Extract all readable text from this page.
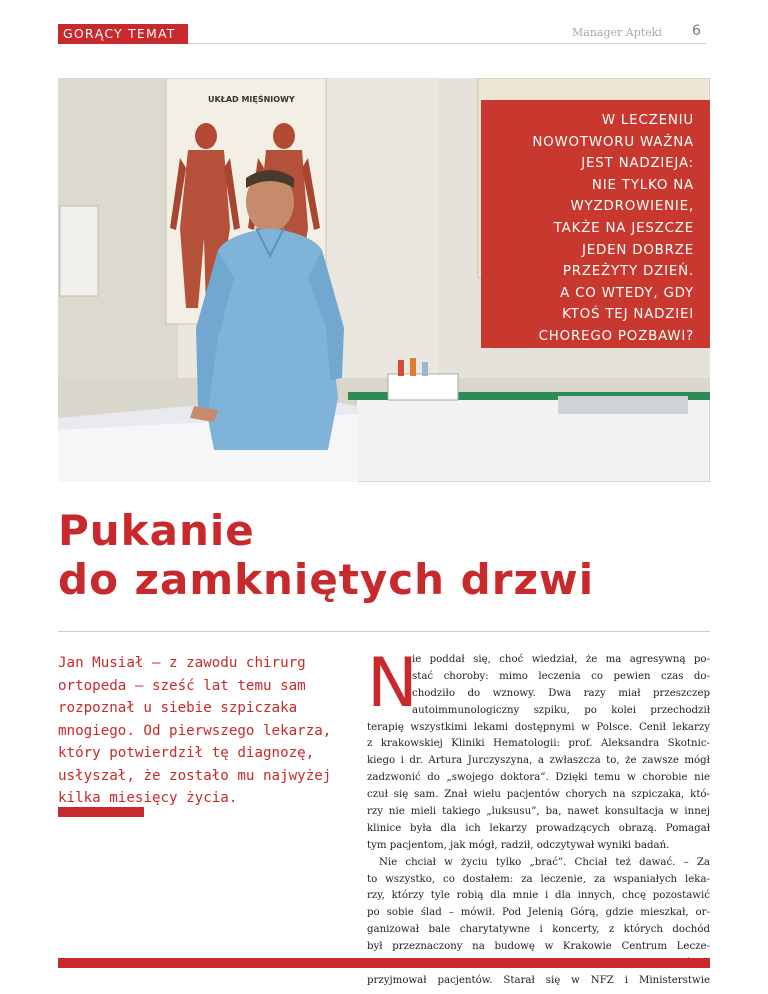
GORĄCY TEMAT	Manager Apteki 6
UKŁAD MIĘŚNIOWY
W LECZENIU
NOWOTWORU WAŻNA
JEST NADZIEJA:
NIE TYLKO NA
WYZDROWIENIE,
TAKŻE NA JESZCZE
JEDEN DOBRZE
PRZEŻYTY DZIEŃ.
A CO WTEDY, GDY
KTOŚ TEJ NADZIEI
CHOREGO POZBAWI?
Pukanie
do zamkniętych drzwi
Jan Musiał – z zawodu chirurg
ortopeda – sześć lat temu sam
rozpoznał u siebie szpiczaka
mnogiego. Od pierwszego lekarza,
który potwierdził tę diagnozę,
usłyszał, że zostało mu najwyżej
kilka miesięcy życia.
N
ie poddał się, choć wiedział, że ma agresywną po-
stać choroby: mimo leczenia co pewien czas do-
chodziło do wznowy. Dwa razy miał przeszczep
autoimmunologiczny szpiku, po kolei przechodził
terapię wszystkimi lekami dostępnymi w Polsce. Cenił lekarzy
z krakowskiej Kliniki Hematologii: prof. Aleksandra Skotnic-
kiego i dr. Artura Jurczyszyna, a zwłaszcza to, że zawsze mógł
zadzwonić do „swojego doktora”. Dzięki temu w chorobie nie
czuł się sam. Znał wielu pacjentów chorych na szpiczaka, któ-
rzy nie mieli takiego „luksusu”, ba, nawet konsultacja w innej
klinice była dla ich lekarzy prowadzących obrazą. Pomagał
tym pacjentom, jak mógł, radził, odczytywał wyniki badań.
Nie chciał w życiu tylko „brać”. Chciał też dawać. – Za
to wszystko, co dostałem: za leczenie, za wspaniałych leka-
rzy, którzy tyle robią dla mnie i dla innych, chcę pozostawić
po sobie ślad – mówił. Pod Jelenią Górą, gdzie mieszkał, or-
ganizował bale charytatywne i koncerty, z których dochód
był przeznaczony na budowę w Krakowie Centrum Lecze-
przyjmował pacjentów. Starał się w NFZ i Ministerstwie
